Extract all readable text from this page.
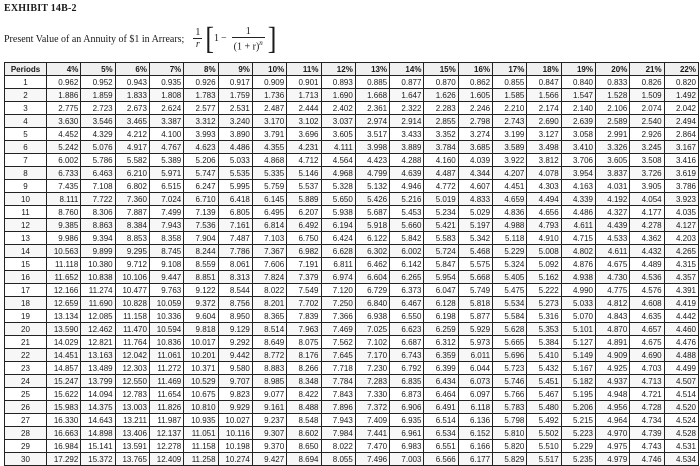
EXHIBIT 14B-2
Present Value of an Annuity of $1 in Arrears; $\frac{1}{r}$ [ $1 - \frac{1}{(1 + r)^n}$ ]
Periods	4%	5%	6%	7%	8%	9%	10%	11%	12%	13%	14%	15%	16%	17%	18%	19%	20%	21%	22%
1	0.962	0.952	0.943	0.935	0.926	0.917	0.909	0.901	0.893	0.885	0.877	0.870	0.862	0.855	0.847	0.840	0.833	0.826	0.820
2	1.886	1.859	1.833	1.808	1.783	1.759	1.736	1.713	1.690	1.668	1.647	1.626	1.605	1.585	1.566	1.547	1.528	1.509	1.492
3	2.775	2.723	2.673	2.624	2.577	2.531	2.487	2.444	2.402	2.361	2.322	2.283	2.246	2.210	2.174	2.140	2.106	2.074	2.042
4	3.630	3.546	3.465	3.387	3.312	3.240	3.170	3.102	3.037	2.974	2.914	2.855	2.798	2.743	2.690	2.639	2.589	2.540	2.494
5	4.452	4.329	4.212	4.100	3.993	3.890	3.791	3.696	3.605	3.517	3.433	3.352	3.274	3.199	3.127	3.058	2.991	2.926	2.864
6	5.242	5.076	4.917	4.767	4.623	4.486	4.355	4.231	4.111	3.998	3.889	3.784	3.685	3.589	3.498	3.410	3.326	3.245	3.167
7	6.002	5.786	5.582	5.389	5.206	5.033	4.868	4.712	4.564	4.423	4.288	4.160	4.039	3.922	3.812	3.706	3.605	3.508	3.416
8	6.733	6.463	6.210	5.971	5.747	5.535	5.335	5.146	4.968	4.799	4.639	4.487	4.344	4.207	4.078	3.954	3.837	3.726	3.619
9	7.435	7.108	6.802	6.515	6.247	5.995	5.759	5.537	5.328	5.132	4.946	4.772	4.607	4.451	4.303	4.163	4.031	3.905	3.786
10	8.111	7.722	7.360	7.024	6.710	6.418	6.145	5.889	5.650	5.426	5.216	5.019	4.833	4.659	4.494	4.339	4.192	4.054	3.923
11	8.760	8.306	7.887	7.499	7.139	6.805	6.495	6.207	5.938	5.687	5.453	5.234	5.029	4.836	4.656	4.486	4.327	4.177	4.035
12	9.385	8.863	8.384	7.943	7.536	7.161	6.814	6.492	6.194	5.918	5.660	5.421	5.197	4.988	4.793	4.611	4.439	4.278	4.127
13	9.986	9.394	8.853	8.358	7.904	7.487	7.103	6.750	6.424	6.122	5.842	5.583	5.342	5.118	4.910	4.715	4.533	4.362	4.203
14	10.563	9.899	9.295	8.745	8.244	7.786	7.367	6.982	6.628	6.302	6.002	5.724	5.468	5.229	5.008	4.802	4.611	4.432	4.265
15	11.118	10.380	9.712	9.108	8.559	8.061	7.606	7.191	6.811	6.462	6.142	5.847	5.575	5.324	5.092	4.876	4.675	4.489	4.315
16	11.652	10.838	10.106	9.447	8.851	8.313	7.824	7.379	6.974	6.604	6.265	5.954	5.668	5.405	5.162	4.938	4.730	4.536	4.357
17	12.166	11.274	10.477	9.763	9.122	8.544	8.022	7.549	7.120	6.729	6.373	6.047	5.749	5.475	5.222	4.990	4.775	4.576	4.391
18	12.659	11.690	10.828	10.059	9.372	8.756	8.201	7.702	7.250	6.840	6.467	6.128	5.818	5.534	5.273	5.033	4.812	4.608	4.419
19	13.134	12.085	11.158	10.336	9.604	8.950	8.365	7.839	7.366	6.938	6.550	6.198	5.877	5.584	5.316	5.070	4.843	4.635	4.442
20	13.590	12.462	11.470	10.594	9.818	9.129	8.514	7.963	7.469	7.025	6.623	6.259	5.929	5.628	5.353	5.101	4.870	4.657	4.460
21	14.029	12.821	11.764	10.836	10.017	9.292	8.649	8.075	7.562	7.102	6.687	6.312	5.973	5.665	5.384	5.127	4.891	4.675	4.476
22	14.451	13.163	12.042	11.061	10.201	9.442	8.772	8.176	7.645	7.170	6.743	6.359	6.011	5.696	5.410	5.149	4.909	4.690	4.488
23	14.857	13.489	12.303	11.272	10.371	9.580	8.883	8.266	7.718	7.230	6.792	6.399	6.044	5.723	5.432	5.167	4.925	4.703	4.499
24	15.247	13.799	12.550	11.469	10.529	9.707	8.985	8.348	7.784	7.283	6.835	6.434	6.073	5.746	5.451	5.182	4.937	4.713	4.507
25	15.622	14.094	12.783	11.654	10.675	9.823	9.077	8.422	7.843	7.330	6.873	6.464	6.097	5.766	5.467	5.195	4.948	4.721	4.514
26	15.983	14.375	13.003	11.826	10.810	9.929	9.161	8.488	7.896	7.372	6.906	6.491	6.118	5.783	5.480	5.206	4.956	4.728	4.520
27	16.330	14.643	13.211	11.987	10.935	10.027	9.237	8.548	7.943	7.409	6.935	6.514	6.136	5.798	5.492	5.215	4.964	4.734	4.524
28	16.663	14.898	13.406	12.137	11.051	10.116	9.307	8.602	7.984	7.441	6.961	6.534	6.152	5.810	5.502	5.223	4.970	4.739	4.528
29	16.984	15.141	13.591	12.278	11.158	10.198	9.370	8.650	8.022	7.470	6.983	6.551	6.166	5.820	5.510	5.229	4.975	4.743	4.531
30	17.292	15.372	13.765	12.409	11.258	10.274	9.427	8.694	8.055	7.496	7.003	6.566	6.177	5.829	5.517	5.235	4.979	4.746	4.534
